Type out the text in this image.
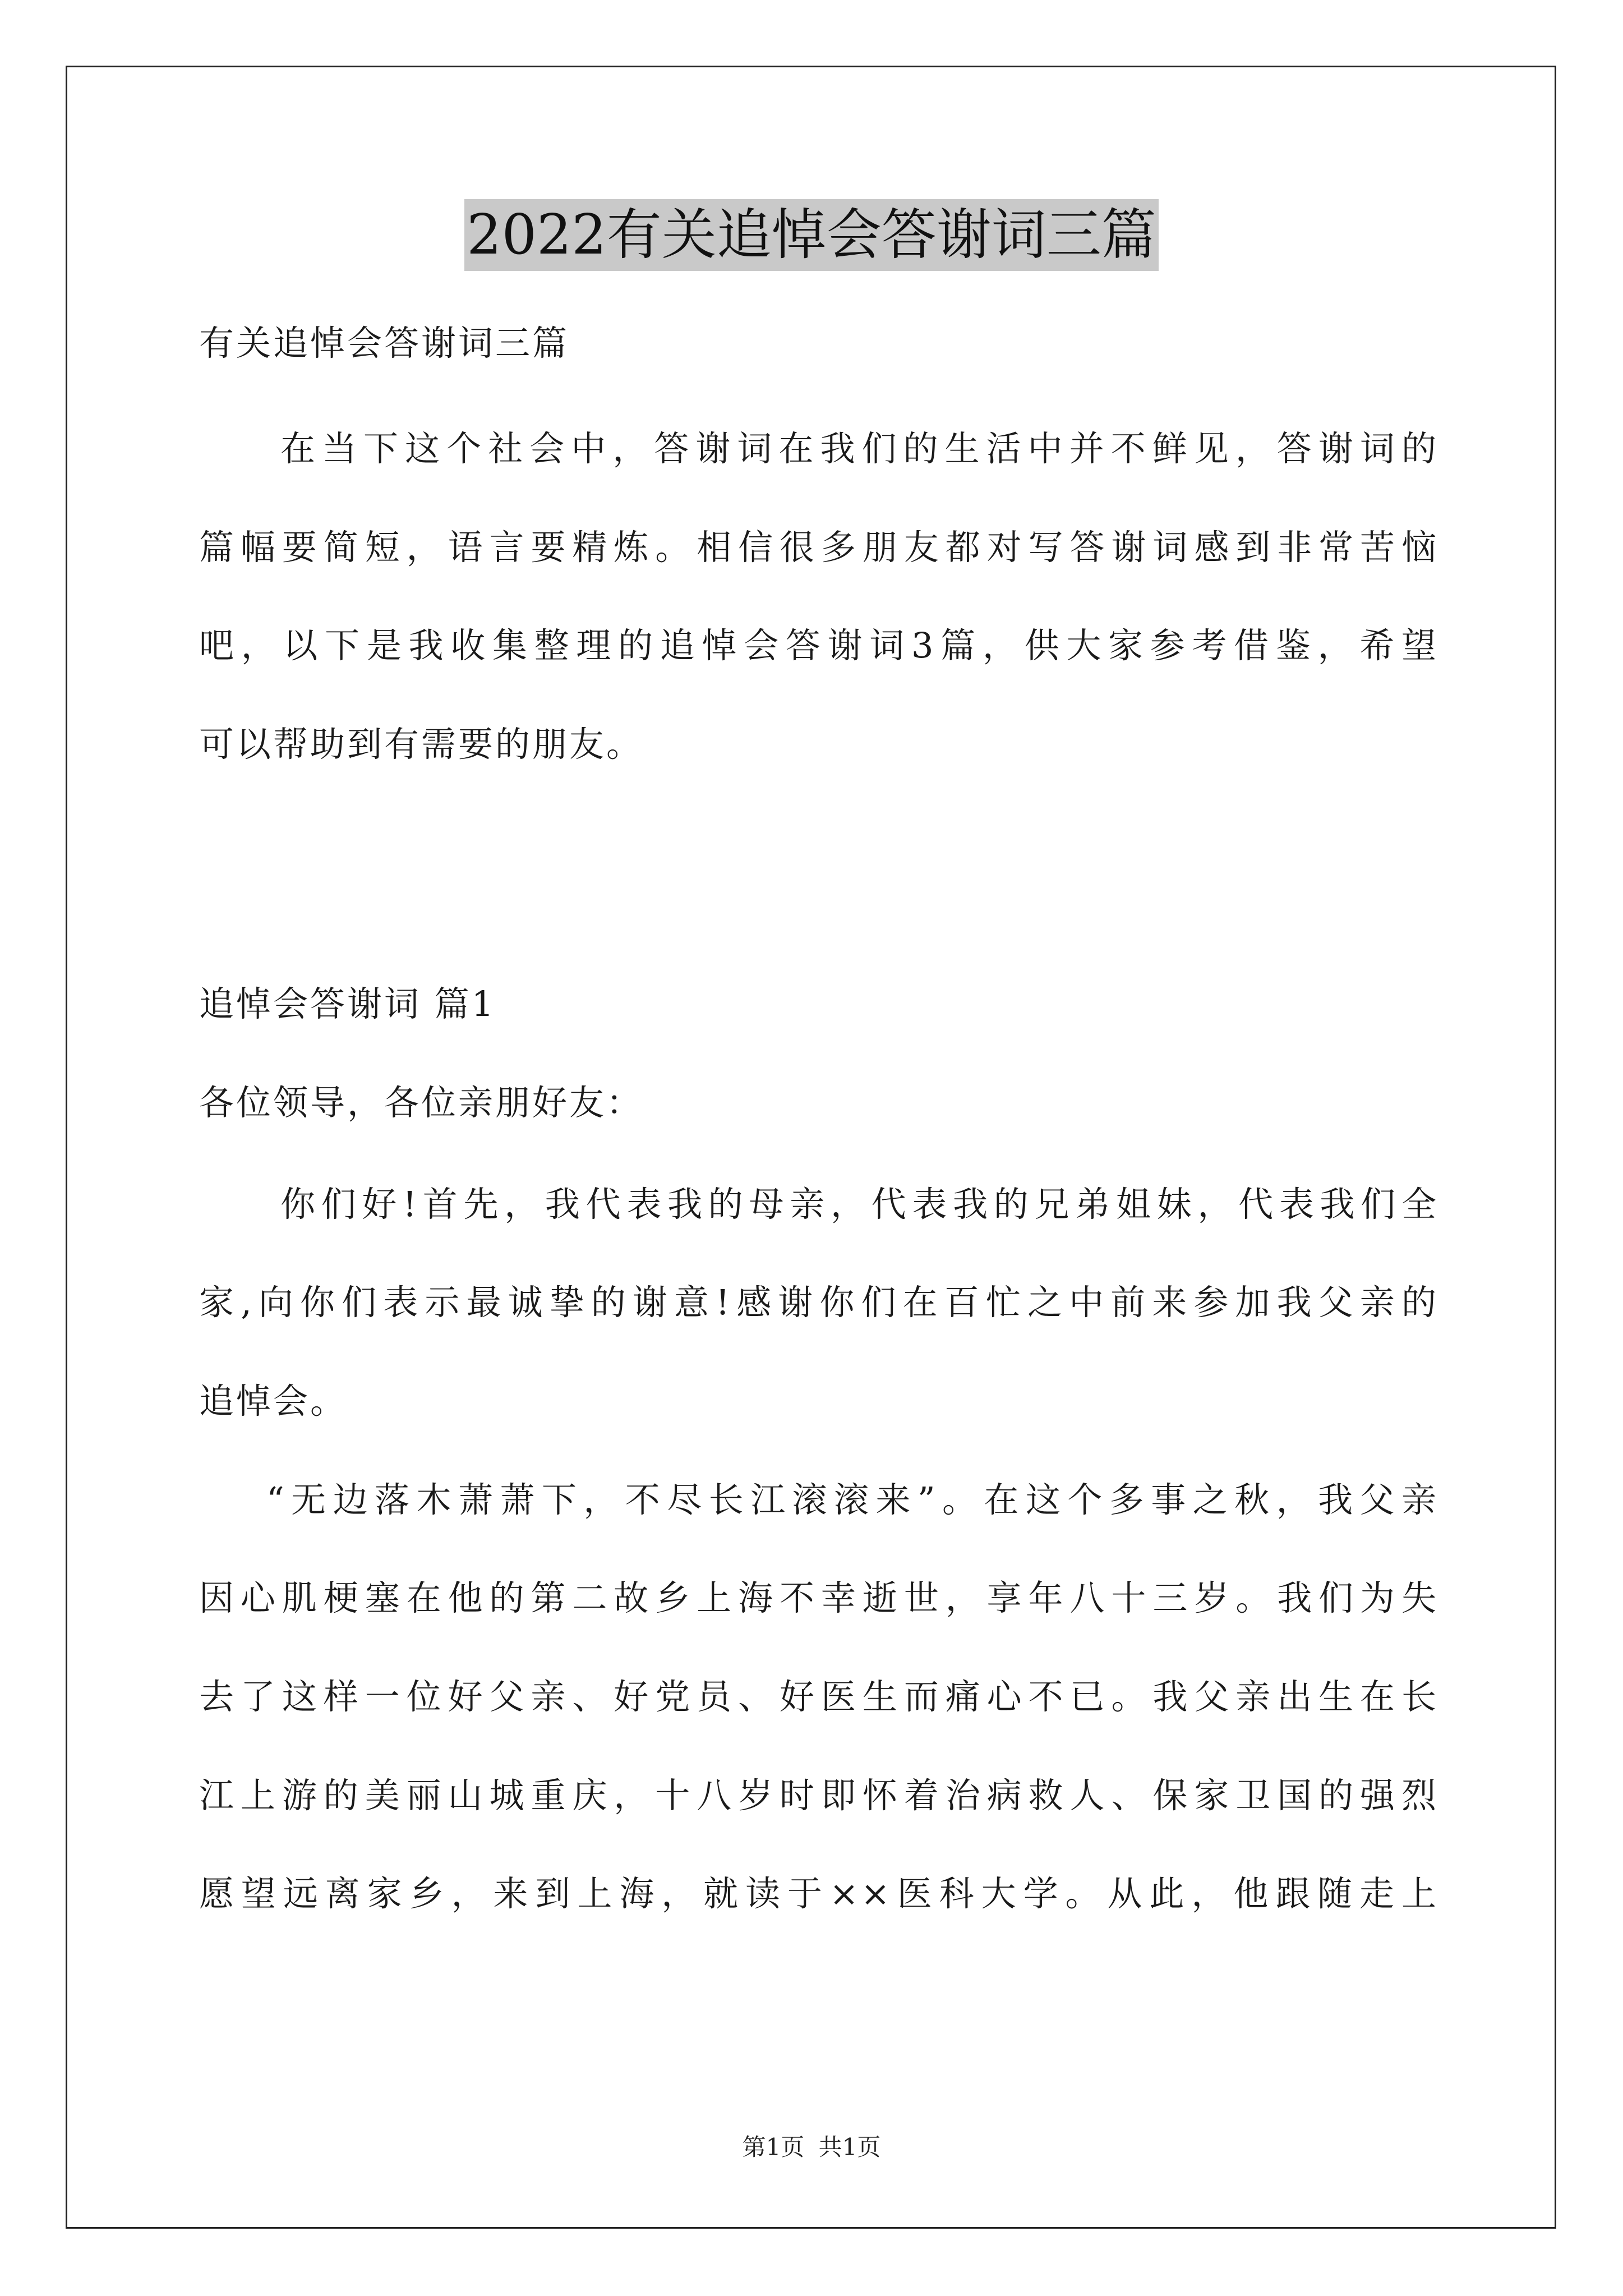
2022有关追悼会答谢词三篇
有关追悼会答谢词三篇
在当下这个社会中，答谢词在我们的生活中并不鲜见，答谢词的
篇幅要简短，语言要精炼。相信很多朋友都对写答谢词感到非常苦恼
吧，以下是我收集整理的追悼会答谢词3篇，供大家参考借鉴，希望
可以帮助到有需要的朋友。
追悼会答谢词 篇1
各位领导，各位亲朋好友：
你们好!首先，我代表我的母亲，代表我的兄弟姐妹，代表我们全
家,向你们表示最诚挚的谢意!感谢你们在百忙之中前来参加我父亲的
追悼会。
“无边落木萧萧下，不尽长江滚滚来”。在这个多事之秋，我父亲
因心肌梗塞在他的第二故乡上海不幸逝世，享年八十三岁。我们为失
去了这样一位好父亲、好党员、好医生而痛心不已。我父亲出生在长
江上游的美丽山城重庆，十八岁时即怀着治病救人、保家卫国的强烈
愿望远离家乡，来到上海，就读于××医科大学。从此，他跟随走上
第1页 共1页
